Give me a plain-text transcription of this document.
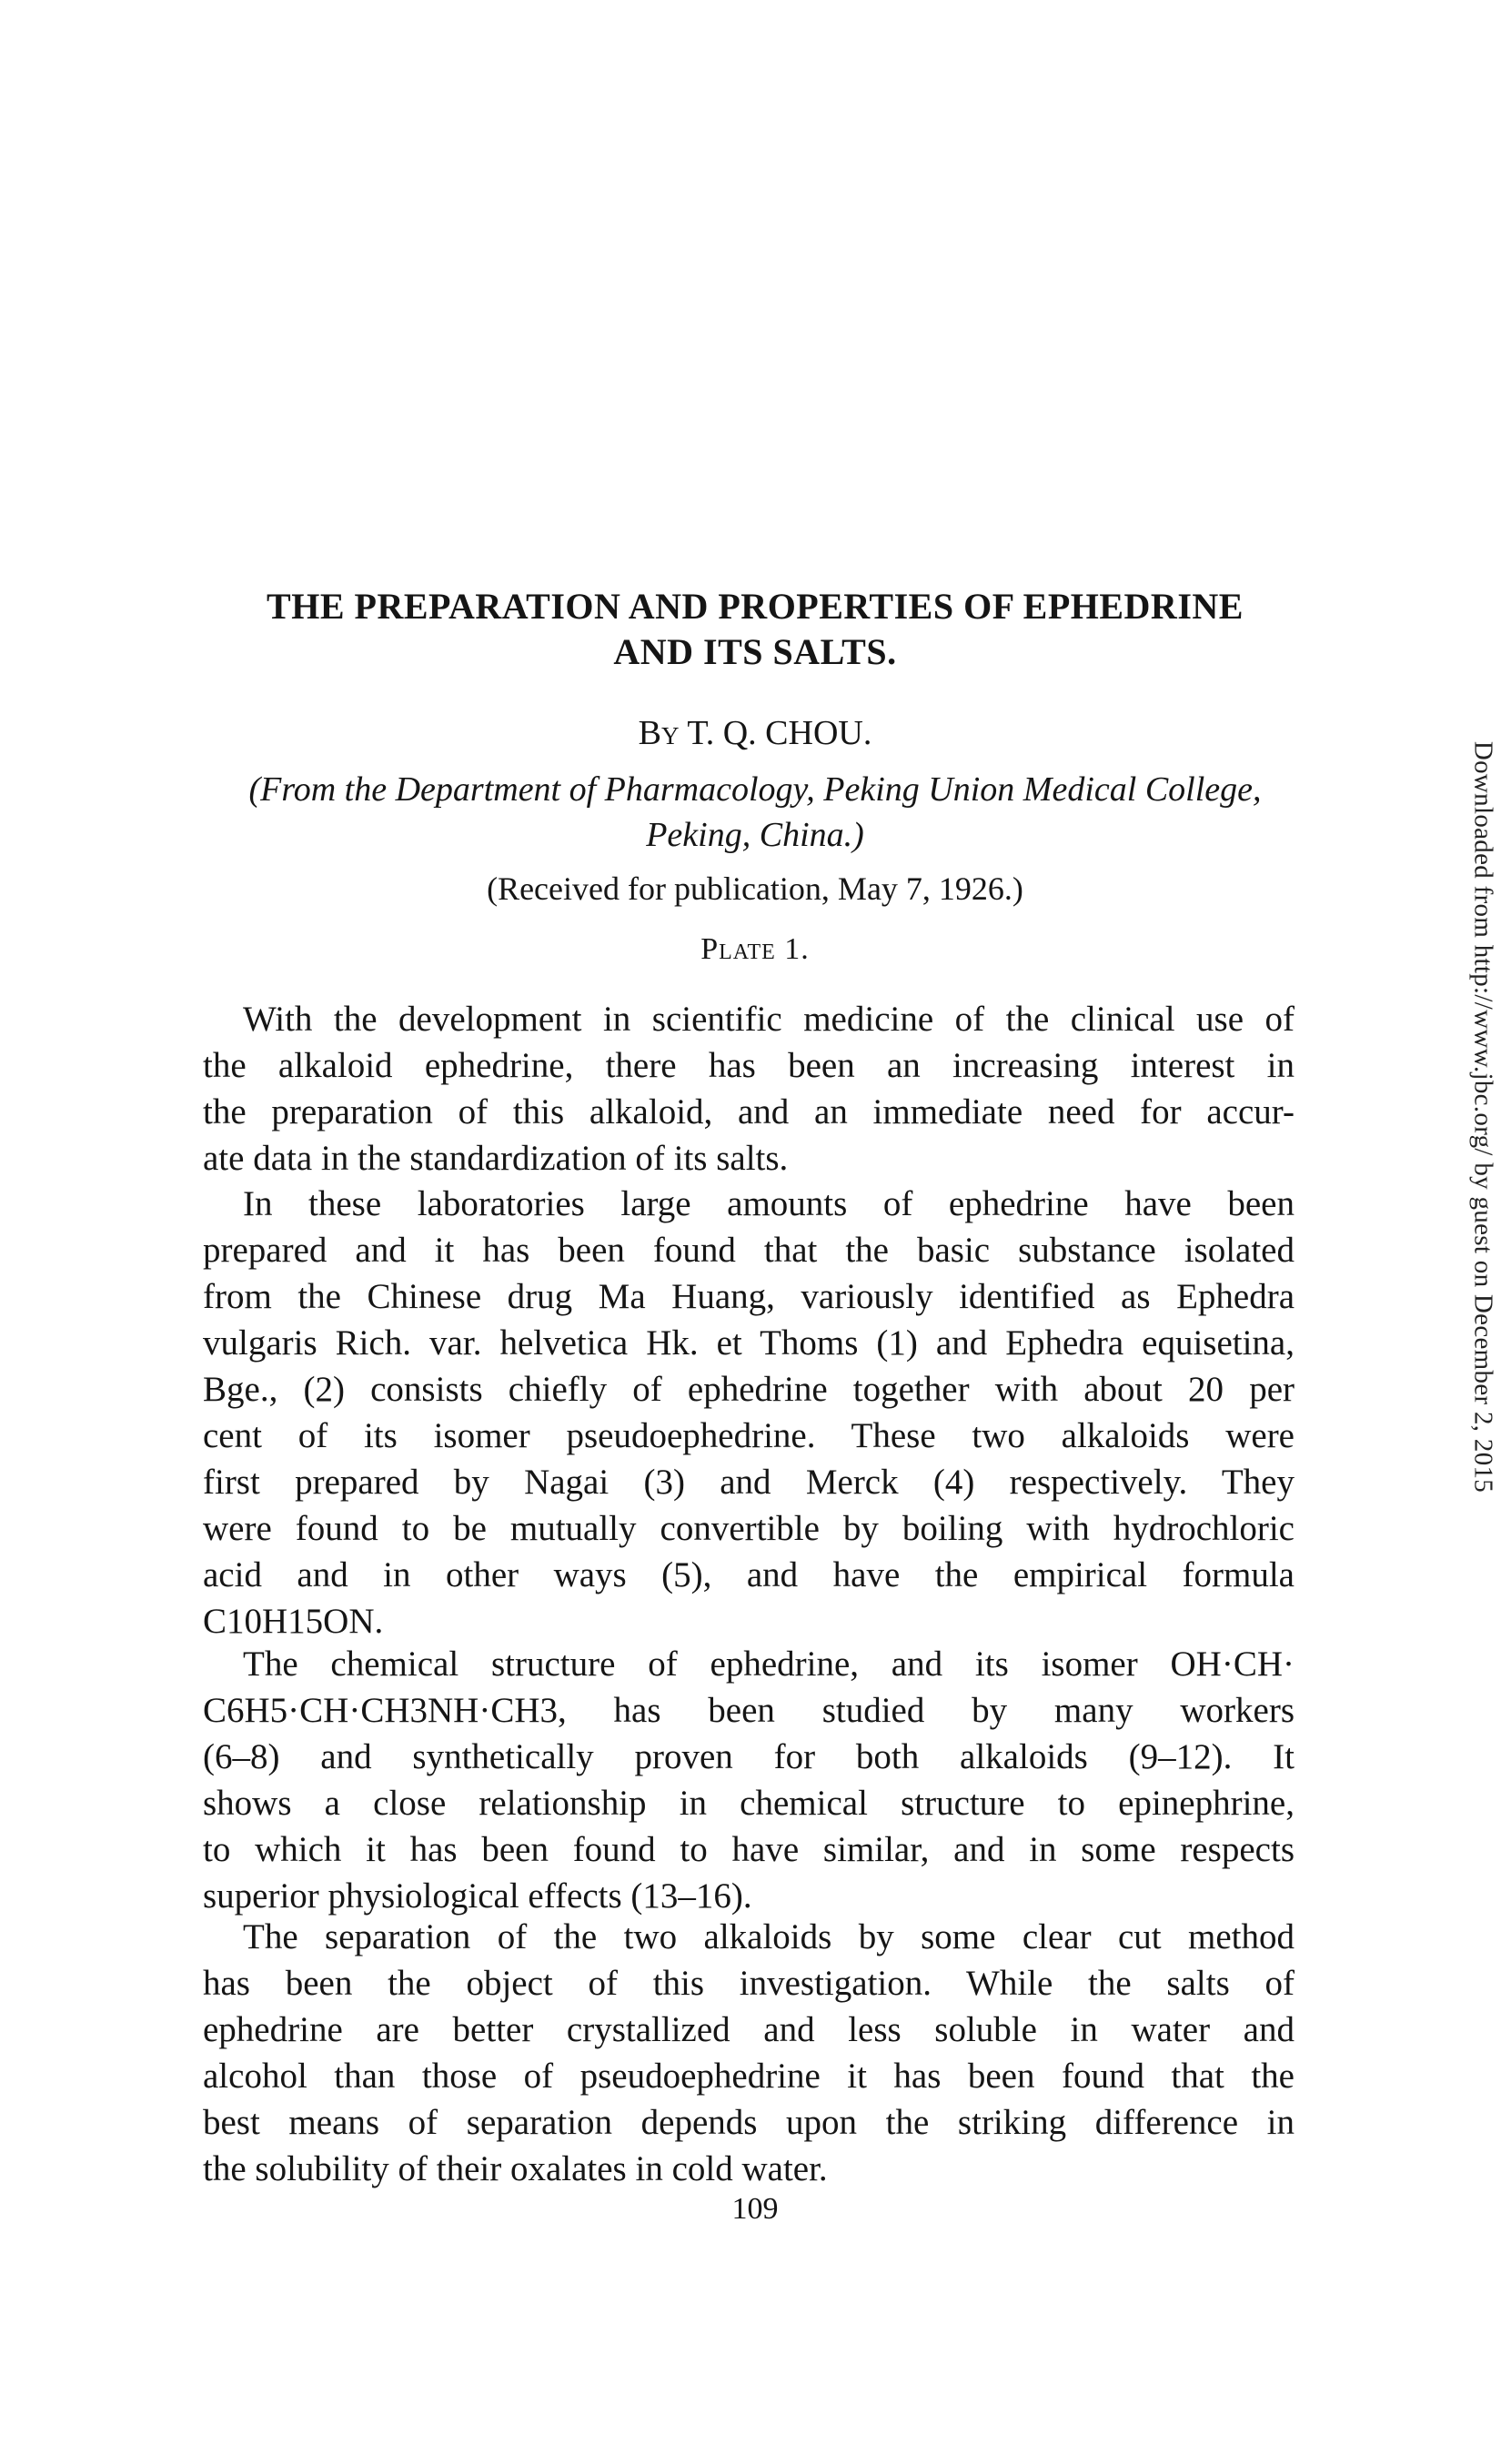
THE PREPARATION AND PROPERTIES OF EPHEDRINE
AND ITS SALTS.
By T. Q. CHOU.
(From the Department of Pharmacology, Peking Union Medical College,
Peking, China.)
(Received for publication, May 7, 1926.)
Plate 1.
With the development in scientific medicine of the clinical use of
the alkaloid ephedrine, there has been an increasing interest in
the preparation of this alkaloid, and an immediate need for accur-
ate data in the standardization of its salts.
In these laboratories large amounts of ephedrine have been
prepared and it has been found that the basic substance isolated
from the Chinese drug Ma Huang, variously identified as Ephedra
vulgaris Rich. var. helvetica Hk. et Thoms (1) and Ephedra equisetina,
Bge., (2) consists chiefly of ephedrine together with about 20 per
cent of its isomer pseudoephedrine. These two alkaloids were
first prepared by Nagai (3) and Merck (4) respectively. They
were found to be mutually convertible by boiling with hydrochloric
acid and in other ways (5), and have the empirical formula
C10H15ON.
The chemical structure of ephedrine, and its isomer OH·CH·
C6H5·CH·CH3NH·CH3, has been studied by many workers
(6–8) and synthetically proven for both alkaloids (9–12). It
shows a close relationship in chemical structure to epinephrine,
to which it has been found to have similar, and in some respects
superior physiological effects (13–16).
The separation of the two alkaloids by some clear cut method
has been the object of this investigation. While the salts of
ephedrine are better crystallized and less soluble in water and
alcohol than those of pseudoephedrine it has been found that the
best means of separation depends upon the striking difference in
the solubility of their oxalates in cold water.
109
Downloaded from http://www.jbc.org/ by guest on December 2, 2015
